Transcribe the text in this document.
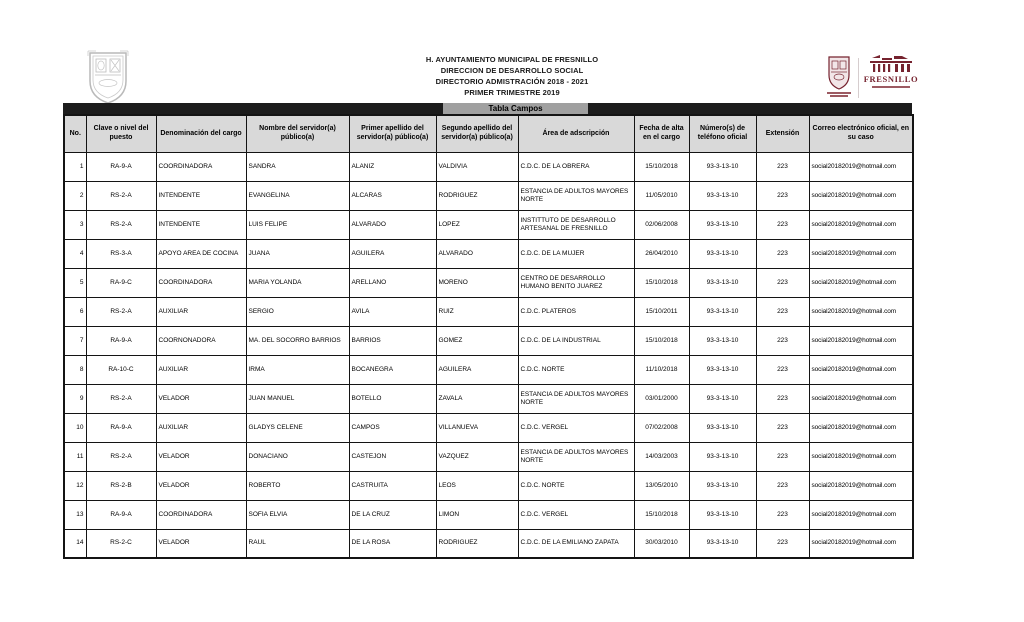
H. AYUNTAMIENTO MUNICIPAL DE FRESNILLO
DIRECCION DE DESARROLLO SOCIAL
DIRECTORIO ADMISTRACIÓN 2018 - 2021
PRIMER TRIMESTRE 2019
FRESNILLO
Tabla Campos
No.	Clave o nivel del puesto	Denominación del cargo	Nombre del servidor(a) público(a)	Primer apellido del servidor(a) público(a)	Segundo apellido del servidor(a) público(a)	Área de adscripción	Fecha de alta en el cargo	Número(s) de teléfono oficial	Extensión	Correo electrónico oficial, en su caso
1	RA-9-A	COORDINADORA	SANDRA	ALANIZ	VALDIVIA	C.D.C. DE LA OBRERA	15/10/2018	93-3-13-10	223	social20182019@hotmail.com
2	RS-2-A	INTENDENTE	EVANGELINA	ALCARAS	RODRIGUEZ	ESTANCIA DE ADULTOS MAYORES NORTE	11/05/2010	93-3-13-10	223	social20182019@hotmail.com
3	RS-2-A	INTENDENTE	LUIS FELIPE	ALVARADO	LOPEZ	INSTITTUTO DE DESARROLLO ARTESANAL DE FRESNILLO	02/06/2008	93-3-13-10	223	social20182019@hotmail.com
4	RS-3-A	APOYO AREA DE COCINA	JUANA	AGUILERA	ALVARADO	C.D.C. DE LA MUJER	26/04/2010	93-3-13-10	223	social20182019@hotmail.com
5	RA-9-C	COORDINADORA	MARIA YOLANDA	ARELLANO	MORENO	CENTRO DE DESARROLLO HUMANO BENITO JUAREZ	15/10/2018	93-3-13-10	223	social20182019@hotmail.com
6	RS-2-A	AUXILIAR	SERGIO	AVILA	RUIZ	C.D.C. PLATEROS	15/10/2011	93-3-13-10	223	social20182019@hotmail.com
7	RA-9-A	COORNONADORA	MA. DEL SOCORRO BARRIOS	BARRIOS	GOMEZ	C.D.C. DE LA INDUSTRIAL	15/10/2018	93-3-13-10	223	social20182019@hotmail.com
8	RA-10-C	AUXILIAR	IRMA	BOCANEGRA	AGUILERA	C.D.C. NORTE	11/10/2018	93-3-13-10	223	social20182019@hotmail.com
9	RS-2-A	VELADOR	JUAN MANUEL	BOTELLO	ZAVALA	ESTANCIA DE ADULTOS MAYORES NORTE	03/01/2000	93-3-13-10	223	social20182019@hotmail.com
10	RA-9-A	AUXILIAR	GLADYS CELENE	CAMPOS	VILLANUEVA	C.D.C. VERGEL	07/02/2008	93-3-13-10	223	social20182019@hotmail.com
11	RS-2-A	VELADOR	DONACIANO	CASTEJON	VAZQUEZ	ESTANCIA DE ADULTOS MAYORES NORTE	14/03/2003	93-3-13-10	223	social20182019@hotmail.com
12	RS-2-B	VELADOR	ROBERTO	CASTRUITA	LEOS	C.D.C. NORTE	13/05/2010	93-3-13-10	223	social20182019@hotmail.com
13	RA-9-A	COORDINADORA	SOFIA ELVIA	DE LA CRUZ	LIMON	C.D.C. VERGEL	15/10/2018	93-3-13-10	223	social20182019@hotmail.com
14	RS-2-C	VELADOR	RAUL	DE LA ROSA	RODRIGUEZ	C.D.C. DE LA EMILIANO ZAPATA	30/03/2010	93-3-13-10	223	social20182019@hotmail.com
